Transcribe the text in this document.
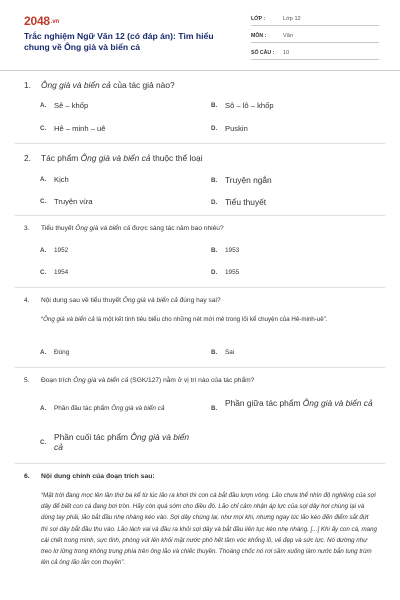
2048.vn
Trắc nghiệm Ngữ Văn 12 (có đáp án): Tìm hiểu chung về Ông già và biển cả
LỚP :	Lớp 12
MÔN :	Văn
SỐ CÂU :	10
1.	Ông già và biển cả của tác giả nào?
A.	Sê – khốp	B.	Sô – lô – khốp
C.	Hê – minh – uê	D.	Puskin
2.	Tác phẩm Ông già và biển cả thuộc thể loại
A.	Kịch	B. Truyện ngắn
C.	Truyện vừa	D. Tiểu thuyết
3.	Tiểu thuyết Ông già và biển cả được sáng tác năm bao nhiêu?
A.	1952	B.	1953
C.	1954	D.	1955
4.	Nội dung sau về tiểu thuyết Ông già và biển cả đúng hay sai?
“Ông già và biển cả là một kết tinh tiêu biểu cho những nét mới mẻ trong lối kể chuyện của Hê-minh-uê”.
A.	Đúng	B.	Sai
5.	Đoạn trích Ông già và biển cả (SGK/127) nằm ở vị trí nào của tác phẩm?
A.	Phần đầu tác phẩm Ông già và biển cả	B.
Phần giữa tác phẩm Ông già và biển cả
C.
Phần cuối tác phẩm Ông già và biển cả
6.	Nội dung chính của đoạn trích sau:
“Mặt trời đang mọc lên lần thứ ba kể từ lúc lão ra khơi thì con cá bắt đầu lượn vòng. Lão chưa thể nhìn độ nghiêng của sợi dây để biết con cá đang bơi tròn. Hãy còn quá sớm cho điều đó. Lão chỉ cảm nhận áp lực của sợi dây hơi chùng lại và dùng tay phải, lão bắt đầu nhẹ nhàng kéo vào. Sợi dây chùng lại, như mọi khi, nhưng ngay lúc lão kéo đến điểm sắt đứt thì sợi dây bắt đầu thu vào. Lão lách vai và đầu ra khỏi sợi dây và bắt đầu liên tục kéo nhẹ nhàng. [...] Khi ấy con cá, mang cái chết trong mình, sực tỉnh, phóng vút lên khỏi mặt nước phô hết tầm vóc khổng lồ, vẻ đẹp và sức lực. Nó dường như treo lơ lửng trong không trung phía trên ông lão và chiếc thuyền. Thoáng chốc nó rơi sầm xuống làm nước bắn tung trùm lên cả ông lão lẫn con thuyền”.
